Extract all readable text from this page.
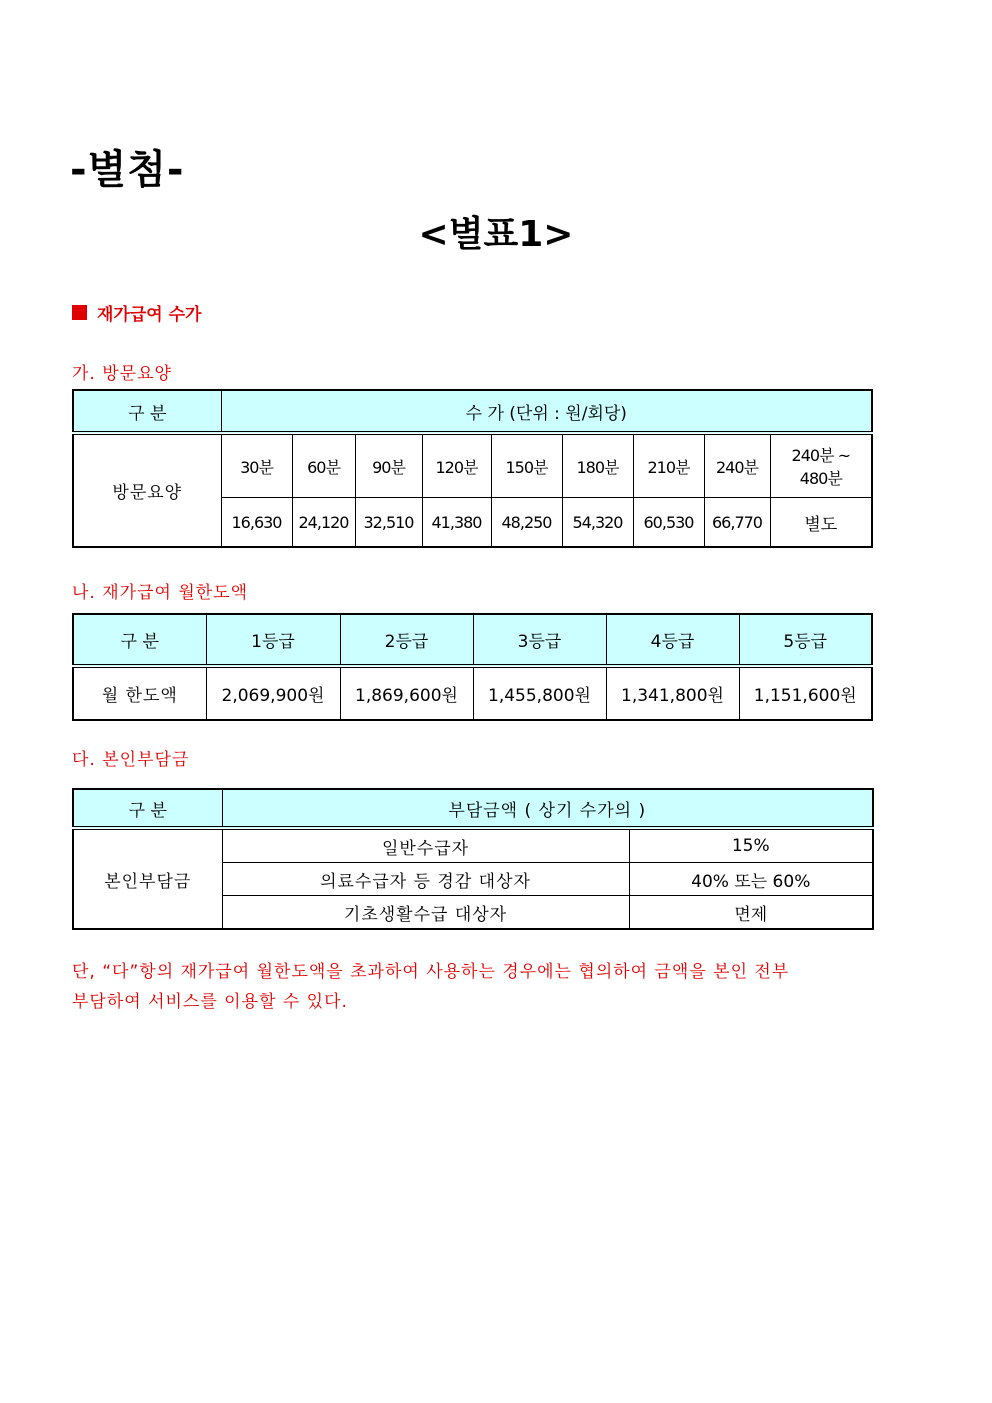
-별첨-
<별표1>
재가급여 수가
가. 방문요양
구 분	수 가 (단위 : 원/회당)								
방문요양	30분	60분	90분	120분	150분	180분	210분	240분	240분 ~
480분

	16,630	24,120	32,510	41,380	48,250	54,320	60,530	66,770	별도
나. 재가급여 월한도액
구 분	1등급	2등급	3등급	4등급	5등급
월 한도액	2,069,900원	1,869,600원	1,455,800원	1,341,800원	1,151,600원
다. 본인부담금
구 분	부담금액 ( 상기 수가의 )	
본인부담금	일반수급자	15%
	의료수급자 등 경감 대상자	40% 또는 60%
	기초생활수급 대상자	면제

단, “다”항의 재가급여 월한도액을 초과하여 사용하는 경우에는 협의하여 금액을 본인 전부

부담하여 서비스를 이용할 수 있다.
